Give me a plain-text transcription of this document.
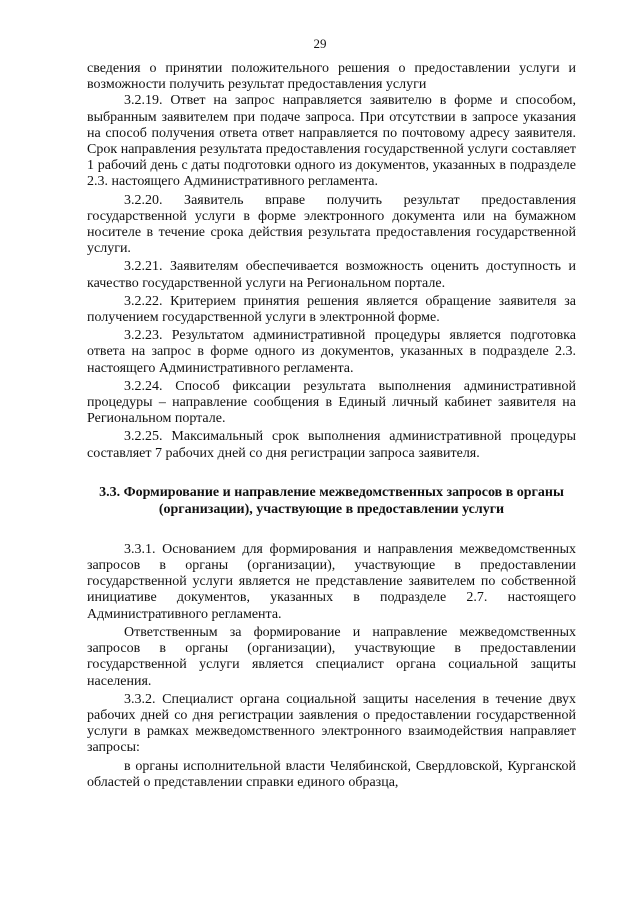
29

сведения о принятии положительного решения о предоставлении услуги и возможности получить результат предоставления услуги

3.2.19. Ответ на запрос направляется заявителю в форме и способом, выбранным заявителем при подаче запроса. При отсутствии в запросе указания на способ получения ответа ответ направляется по почтовому адресу заявителя. Срок направления результата предоставления государственной услуги составляет 1 рабочий день с даты подготовки одного из документов, указанных в подразделе 2.3. настоящего Административного регламента.

3.2.20. Заявитель вправе получить результат предоставления государственной услуги в форме электронного документа или на бумажном носителе в течение срока действия результата предоставления государственной услуги.

3.2.21. Заявителям обеспечивается возможность оценить доступность и качество государственной услуги на Региональном портале.

3.2.22. Критерием принятия решения является обращение заявителя за получением государственной услуги в электронной форме.

3.2.23. Результатом административной процедуры является подготовка ответа на запрос в форме одного из документов, указанных в подразделе 2.3. настоящего Административного регламента.

3.2.24. Способ фиксации результата выполнения административной процедуры – направление сообщения в Единый личный кабинет заявителя на Региональном портале.

3.2.25. Максимальный срок выполнения административной процедуры составляет 7 рабочих дней со дня регистрации запроса заявителя.

3.3. Формирование и направление межведомственных запросов в органы (организации), участвующие в предоставлении услуги

3.3.1. Основанием для формирования и направления межведомственных запросов в органы (организации), участвующие в предоставлении государственной услуги является не представление заявителем по собственной инициативе документов, указанных в подразделе 2.7. настоящего Административного регламента.

Ответственным за формирование и направление межведомственных запросов в органы (организации), участвующие в предоставлении государственной услуги является специалист органа социальной защиты населения.

3.3.2. Специалист органа социальной защиты населения в течение двух рабочих дней со дня регистрации заявления о предоставлении государственной услуги в рамках межведомственного электронного взаимодействия направляет запросы:

в органы исполнительной власти Челябинской, Свердловской, Курганской областей о представлении справки единого образца,
